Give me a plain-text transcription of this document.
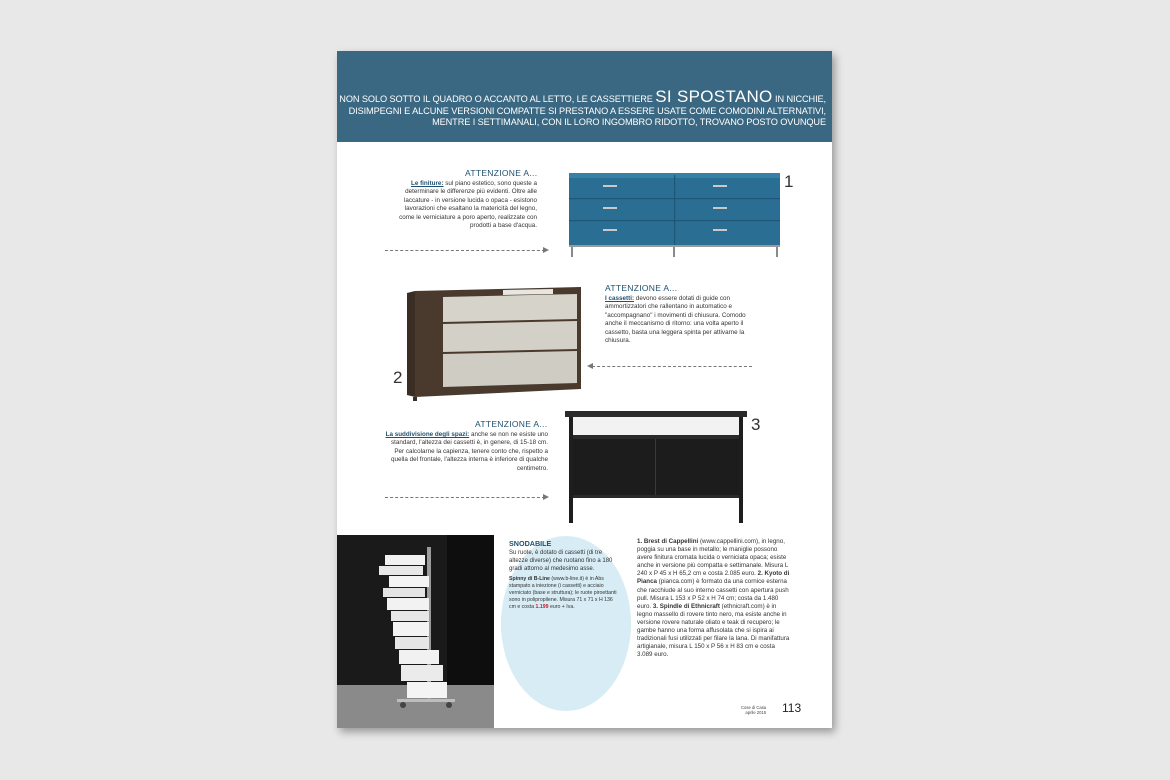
NON SOLO SOTTO IL QUADRO O ACCANTO AL LETTO, LE CASSETTIERE SI SPOSTANO IN NICCHIE, DISIMPEGNI E ALCUNE VERSIONI COMPATTE SI PRESTANO A ESSERE USATE COME COMODINI ALTERNATIVI, MENTRE I SETTIMANALI, CON IL LORO INGOMBRO RIDOTTO, TROVANO POSTO OVUNQUE
ATTENZIONE A...
Le finiture: sul piano estetico, sono queste a determinare le differenze più evidenti. Oltre alle laccature - in versione lucida o opaca - esistono lavorazioni che esaltano la matericità del legno, come le verniciature a poro aperto, realizzate con prodotti a base d'acqua.
1
ATTENZIONE A...
I cassetti: devono essere dotati di guide con ammortizzatori che rallentano in automatico e "accompagnano" i movimenti di chiusura. Comodo anche il meccanismo di ritorno: una volta aperto il cassetto, basta una leggera spinta per attivarne la chiusura.
2
ATTENZIONE A...
La suddivisione degli spazi: anche se non ne esiste uno standard, l'altezza dei cassetti è, in genere, di 15-18 cm. Per calcolarne la capienza, tenere conto che, rispetto a quella del frontale, l'altezza interna è inferiore di qualche centimetro.
3
SNODABILE
Su ruote, è dotato di cassetti (di tre altezze diverse) che ruotano fino a 180 gradi attorno al medesimo asse.
Spinny di B-Line (www.b-line.it) è in Abs stampato a iniezione (i cassetti) e acciaio verniciato (base e struttura); le ruote piroettanti sono in polipropilene. Misura 71 x 71 x H 136 cm e costa 1.199 euro + Iva.
1. Brest di Cappellini (www.cappellini.com), in legno, poggia su una base in metallo; le maniglie possono avere finitura cromata lucida o verniciata opaca; esiste anche in versione più compatta e settimanale. Misura L 240 x P 45 x H 65,2 cm e costa 2.085 euro. 2. Kyoto di Pianca (pianca.com) è formato da una cornice esterna che racchiude al suo interno cassetti con apertura push pull. Misura L 153 x P 52 x H 74 cm; costa da 1.480 euro. 3. Spindle di Ethnicraft (ethnicraft.com) è in legno massello di rovere tinto nero, ma esiste anche in versione rovere naturale oliato e teak di recupero; le gambe hanno una forma affusolata che si ispira ai tradizionali fusi utilizzati per filare la lana. Di manifattura artigianale, misura L 150 x P 56 x H 83 cm e costa 3.089 euro.
Cose di Casa
aprile 2015 113
